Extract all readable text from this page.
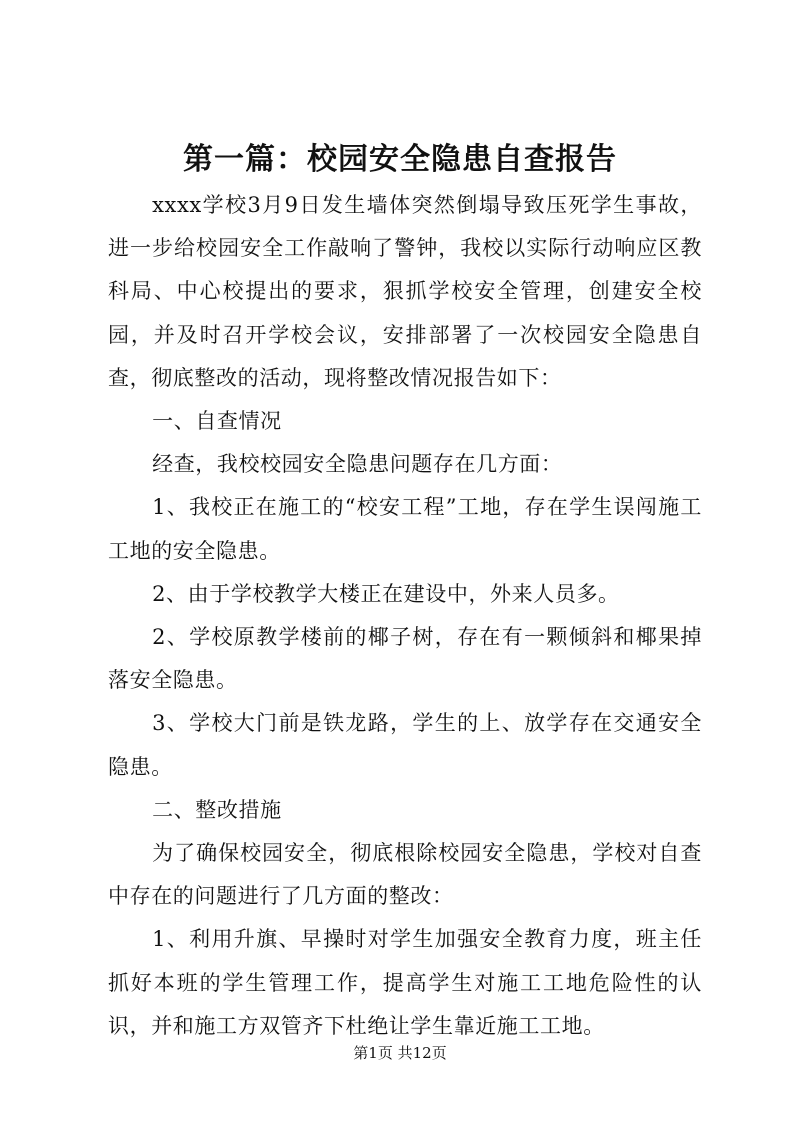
第一篇：校园安全隐患自查报告

xxxx学校3月9日发生墙体突然倒塌导致压死学生事故，进一步给校园安全工作敲响了警钟，我校以实际行动响应区教科局、中心校提出的要求，狠抓学校安全管理，创建安全校园，并及时召开学校会议，安排部署了一次校园安全隐患自查，彻底整改的活动，现将整改情况报告如下：

一、自查情况

经查，我校校园安全隐患问题存在几方面：

1、我校正在施工的“校安工程”工地，存在学生误闯施工工地的安全隐患。

2、由于学校教学大楼正在建设中，外来人员多。

2、学校原教学楼前的椰子树，存在有一颗倾斜和椰果掉落安全隐患。

3、学校大门前是铁龙路，学生的上、放学存在交通安全隐患。

二、整改措施

为了确保校园安全，彻底根除校园安全隐患，学校对自查中存在的问题进行了几方面的整改：

1、利用升旗、早操时对学生加强安全教育力度，班主任抓好本班的学生管理工作，提高学生对施工工地危险性的认识，并和施工方双管齐下杜绝让学生靠近施工工地。

第1页 共12页
